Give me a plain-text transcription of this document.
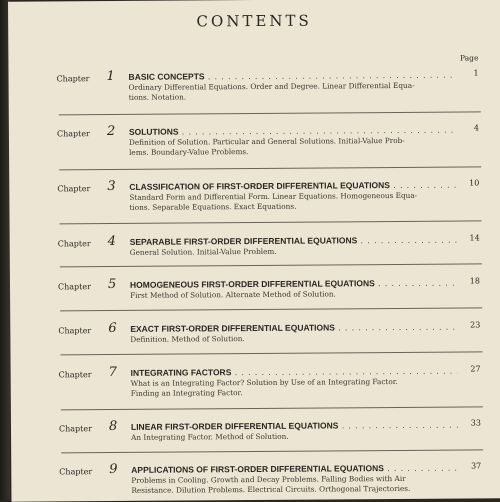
CONTENTS
Page
Chapter 1 BASIC CONCEPTS . . .	1
Ordinary Differential Equations. Order and Degree. Linear Differential Equa-
tions. Notation.
Chapter 2 SOLUTIONS . . .	4
Definition of Solution. Particular and General Solutions. Initial-Value Prob-
lems. Boundary-Value Problems.
Chapter 3 CLASSIFICATION OF FIRST-ORDER DIFFERENTIAL EQUATIONS . . .	10
Standard Form and Differential Form. Linear Equations. Homogeneous Equa-
tions. Separable Equations. Exact Equations.
Chapter 4 SEPARABLE FIRST-ORDER DIFFERENTIAL EQUATIONS . . .	14
General Solution. Initial-Value Problem.
Chapter 5 HOMOGENEOUS FIRST-ORDER DIFFERENTIAL EQUATIONS . . .	18
First Method of Solution. Alternate Method of Solution.
Chapter 6 EXACT FIRST-ORDER DIFFERENTIAL EQUATIONS . . .	23
Definition. Method of Solution.
Chapter 7 INTEGRATING FACTORS . . .	27
What is an Integrating Factor? Solution by Use of an Integrating Factor.
Finding an Integrating Factor.
Chapter 8 LINEAR FIRST-ORDER DIFFERENTIAL EQUATIONS . . .	33
An Integrating Factor. Method of Solution.
Chapter 9 APPLICATIONS OF FIRST-ORDER DIFFERENTIAL EQUATIONS . . .	37
Problems in Cooling. Growth and Decay Problems. Falling Bodies with Air
Resistance. Dilution Problems. Electrical Circuits. Orthogonal Trajectories.
